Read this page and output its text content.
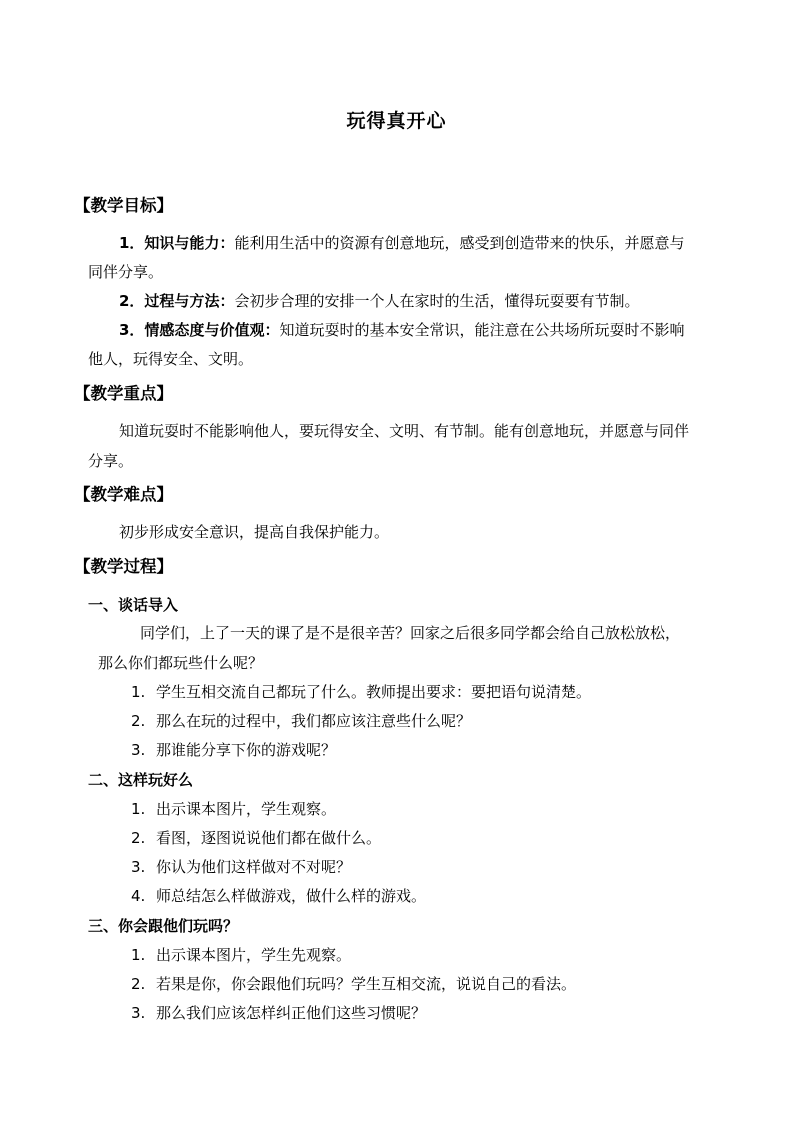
玩得真开心
【教学目标】
1．知识与能力：能利用生活中的资源有创意地玩，感受到创造带来的快乐，并愿意与
同伴分享。
2．过程与方法：会初步合理的安排一个人在家时的生活，懂得玩耍要有节制。
3．情感态度与价值观：知道玩耍时的基本安全常识，能注意在公共场所玩耍时不影响
他人，玩得安全、文明。
【教学重点】
知道玩耍时不能影响他人，要玩得安全、文明、有节制。能有创意地玩，并愿意与同伴
分享。
【教学难点】
初步形成安全意识，提高自我保护能力。
【教学过程】
一、谈话导入
同学们，上了一天的课了是不是很辛苦？回家之后很多同学都会给自己放松放松，
那么你们都玩些什么呢？
1. 学生互相交流自己都玩了什么。教师提出要求：要把语句说清楚。
2. 那么在玩的过程中，我们都应该注意些什么呢？
3. 那谁能分享下你的游戏呢？
二、这样玩好么
1. 出示课本图片，学生观察。
2. 看图，逐图说说他们都在做什么。
3. 你认为他们这样做对不对呢？
4. 师总结怎么样做游戏，做什么样的游戏。
三、你会跟他们玩吗？
1. 出示课本图片，学生先观察。
2. 若果是你，你会跟他们玩吗？学生互相交流，说说自己的看法。
3. 那么我们应该怎样纠正他们这些习惯呢？
